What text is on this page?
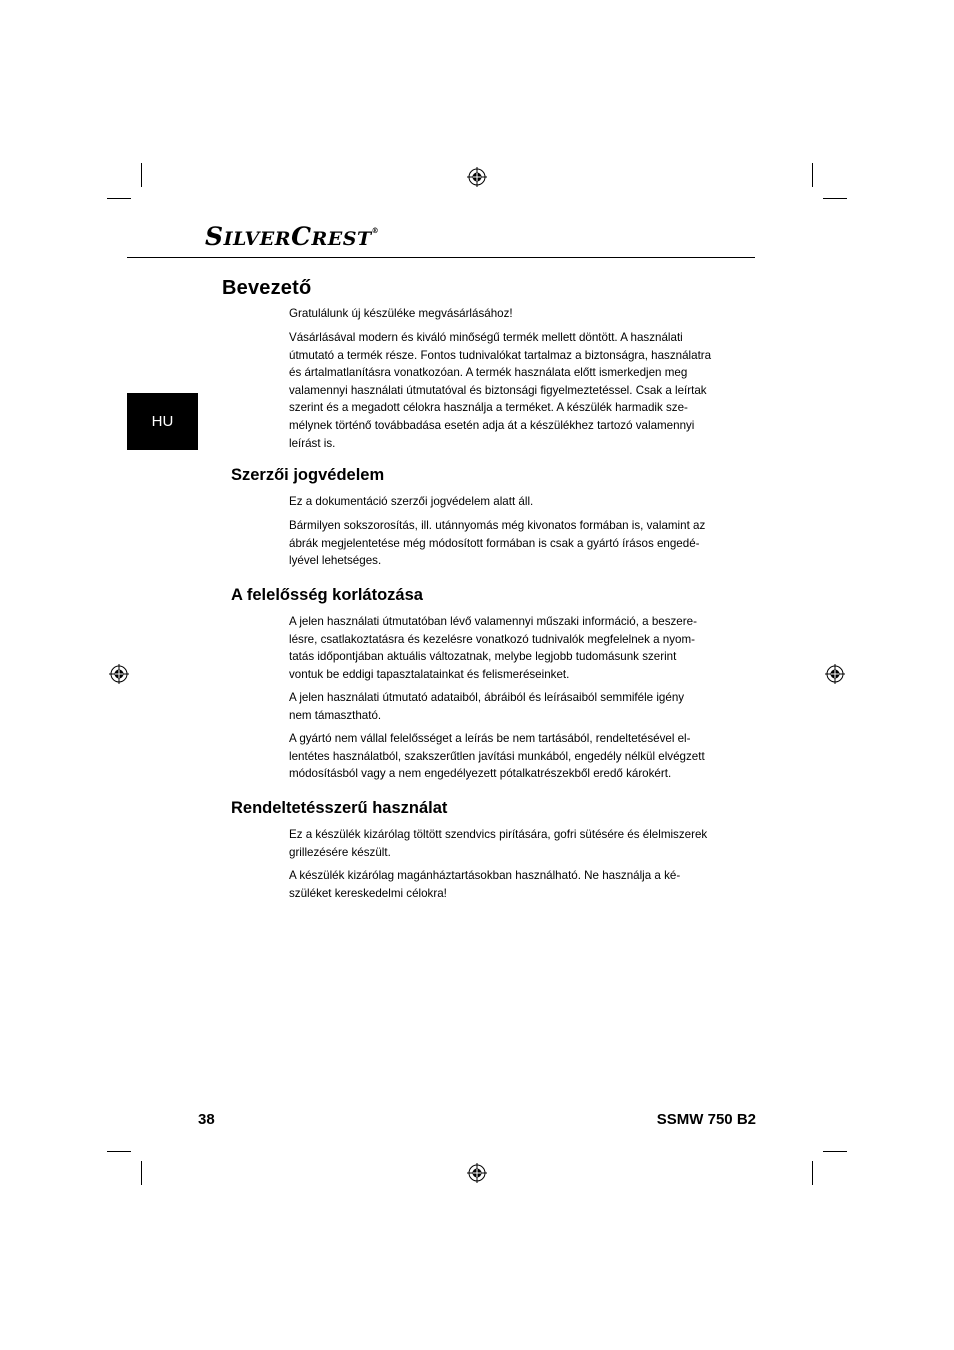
SILVERCREST®
HU
Bevezető
Gratulálunk új készüléke megvásárlásához!
Vásárlásával modern és kiváló minőségű termék mellett döntött. A használati
útmutató a termék része. Fontos tudnivalókat tartalmaz a biztonságra, használatra
és ártalmatlanításra vonatkozóan. A termék használata előtt ismerkedjen meg
valamennyi használati útmutatóval és biztonsági figyelmeztetéssel. Csak a leírtak
szerint és a megadott célokra használja a terméket. A készülék harmadik sze-
mélynek történő továbbadása esetén adja át a készülékhez tartozó valamennyi
leírást is.
Szerzői jogvédelem
Ez a dokumentáció szerzői jogvédelem alatt áll.
Bármilyen sokszorosítás, ill. utánnyomás még kivonatos formában is, valamint az
ábrák megjelentetése még módosított formában is csak a gyártó írásos engedé-
lyével lehetséges.
A felelősség korlátozása
A jelen használati útmutatóban lévő valamennyi műszaki információ, a beszere-
lésre, csatlakoztatásra és kezelésre vonatkozó tudnivalók megfelelnek a nyom-
tatás időpontjában aktuális változatnak, melybe legjobb tudomásunk szerint
vontuk be eddigi tapasztalatainkat és felismeréseinket.
A jelen használati útmutató adataiból, ábráiból és leírásaiból semmiféle igény
nem támasztható.
A gyártó nem vállal felelősséget a leírás be nem tartásából, rendeltetésével el-
lentétes használatból, szakszerűtlen javítási munkából, engedély nélkül elvégzett
módosításból vagy a nem engedélyezett pótalkatrészekből eredő károkért.
Rendeltetésszerű használat
Ez a készülék kizárólag töltött szendvics pirítására, gofri sütésére és élelmiszerek
grillezésére készült.
A készülék kizárólag magánháztartásokban használható. Ne használja a ké-
szüléket kereskedelmi célokra!
38	SSMW 750 B2
